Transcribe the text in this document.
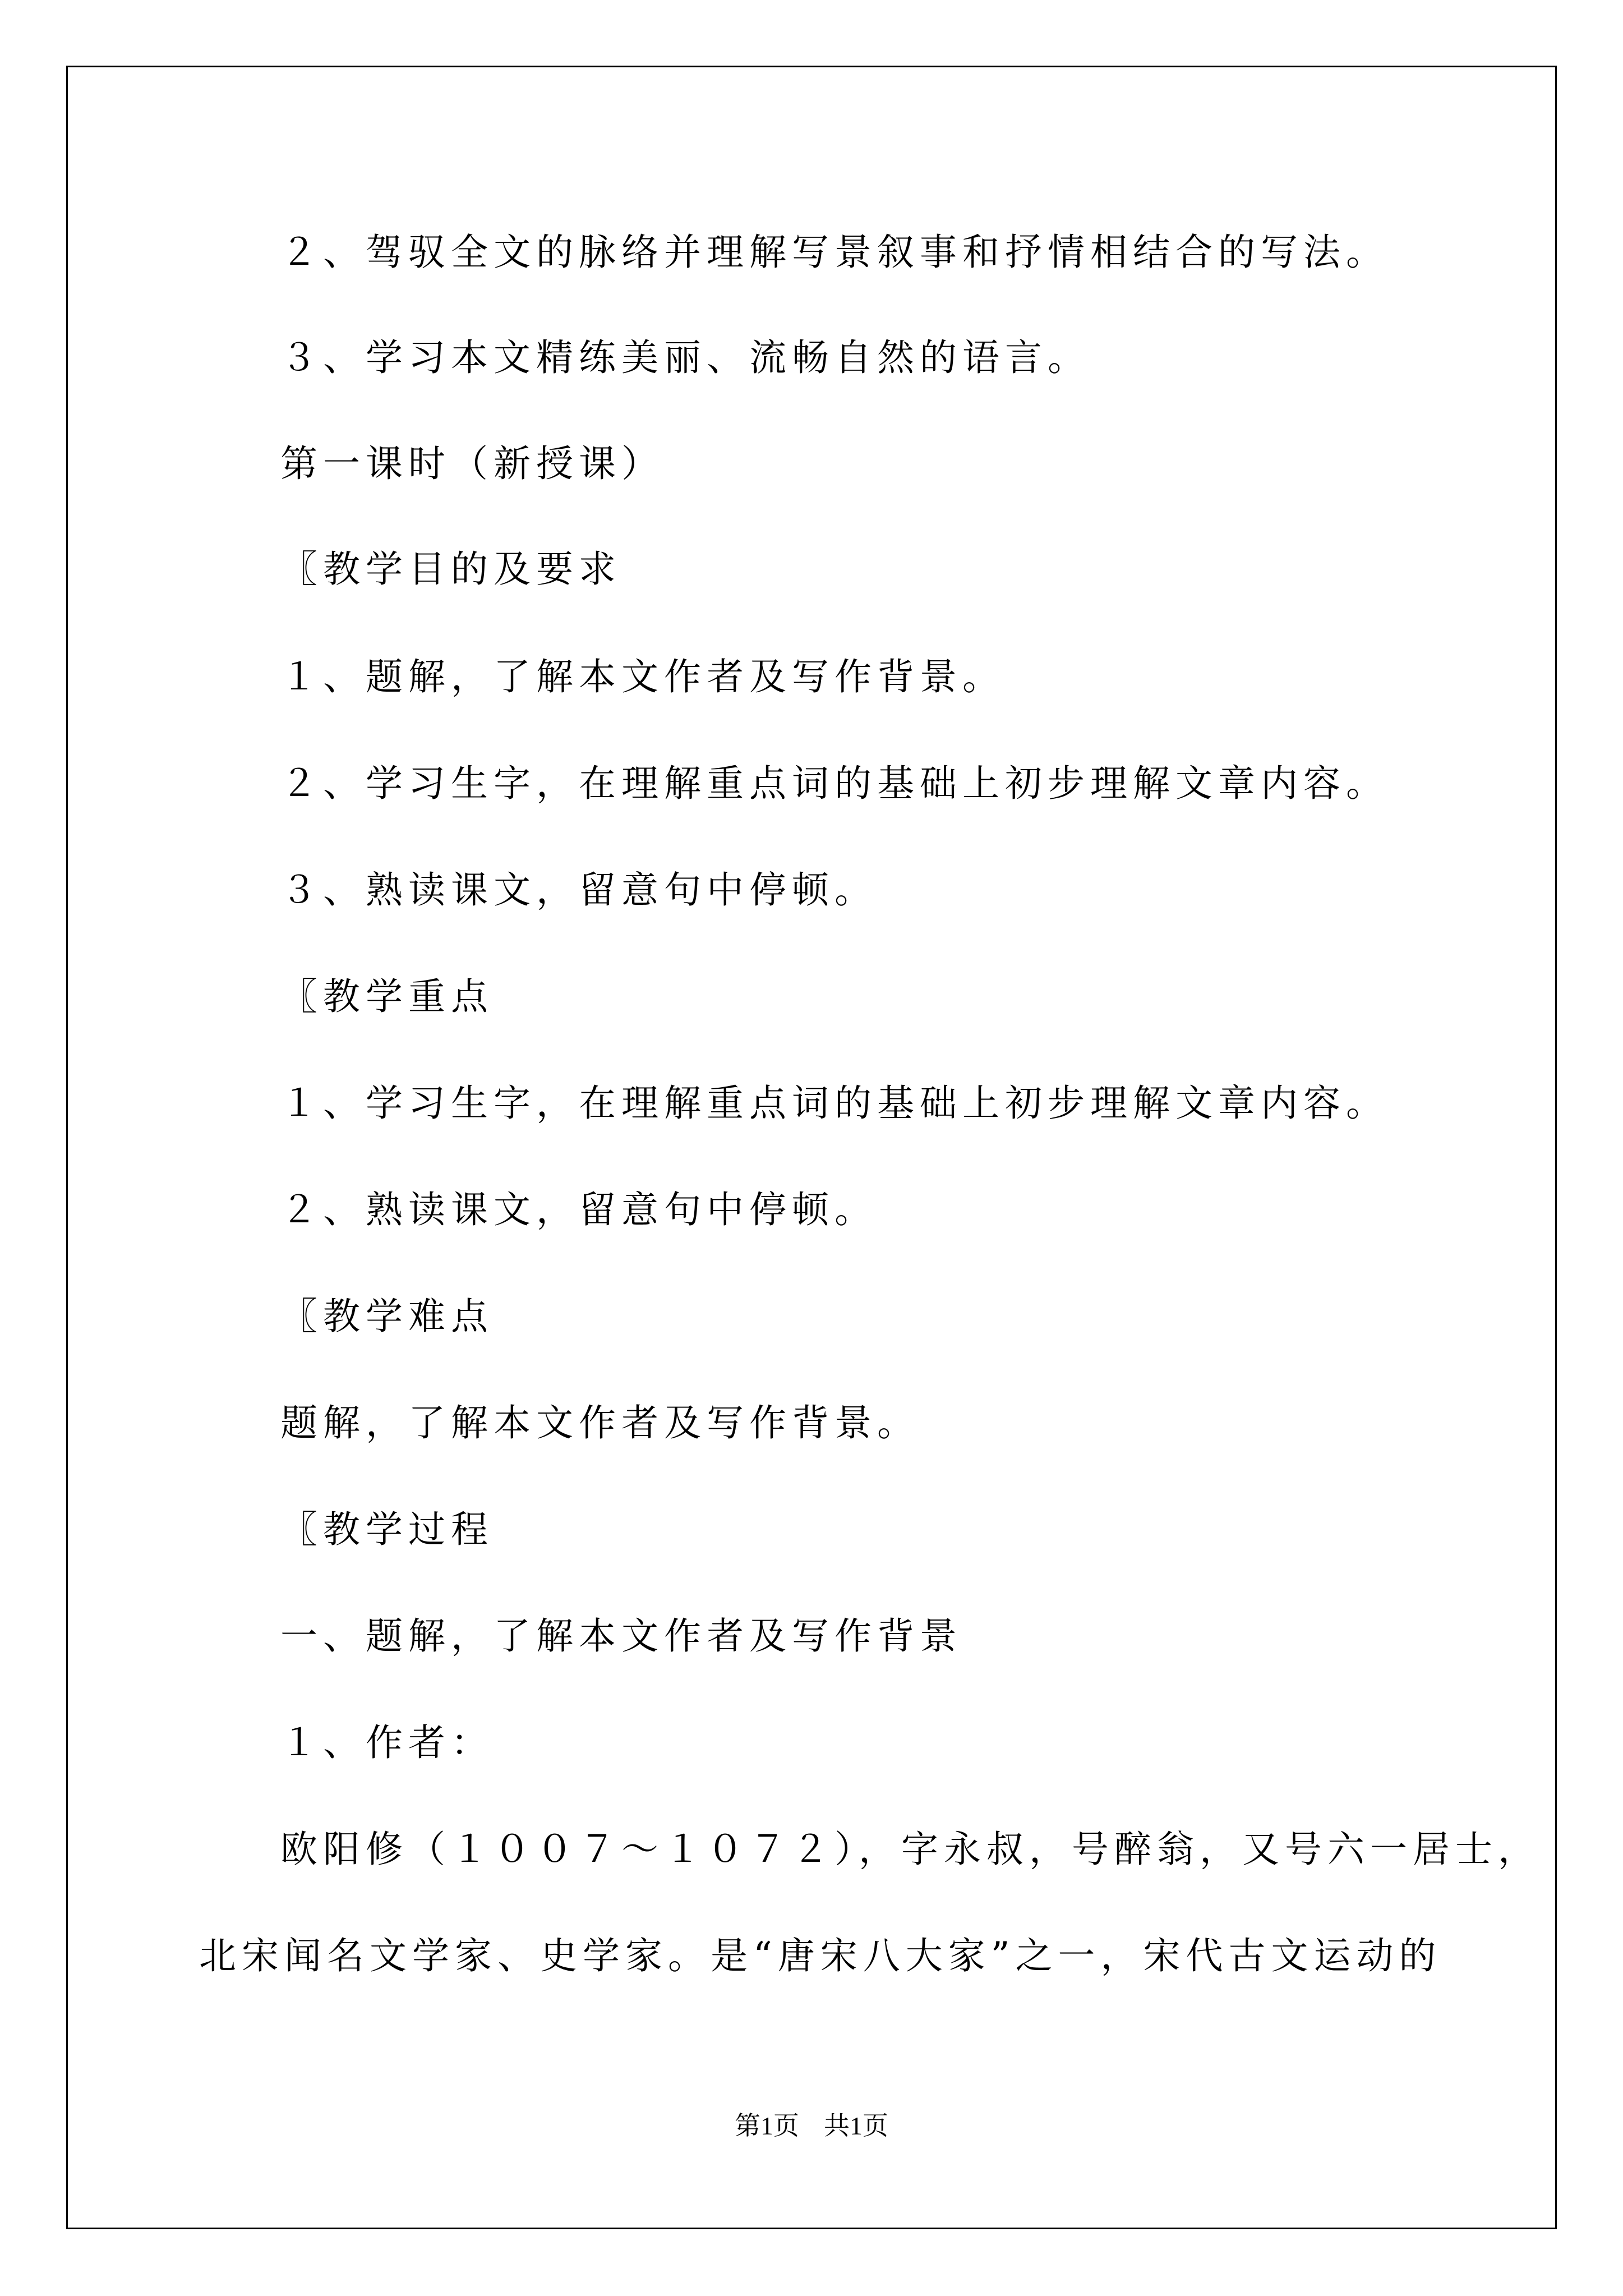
２、驾驭全文的脉络并理解写景叙事和抒情相结合的写法。
３、学习本文精练美丽、流畅自然的语言。
第一课时（新授课）
〖教学目的及要求
１、题解，了解本文作者及写作背景。
２、学习生字，在理解重点词的基础上初步理解文章内容。
３、熟读课文，留意句中停顿。
〖教学重点
１、学习生字，在理解重点词的基础上初步理解文章内容。
２、熟读课文，留意句中停顿。
〖教学难点
题解，了解本文作者及写作背景。
〖教学过程
一、题解，了解本文作者及写作背景
１、作者：
欧阳修（１００７～１０７２），字永叔，号醉翁，又号六一居士，
北宋闻名文学家、史学家。是“唐宋八大家”之一，宋代古文运动的
第1页 共1页
